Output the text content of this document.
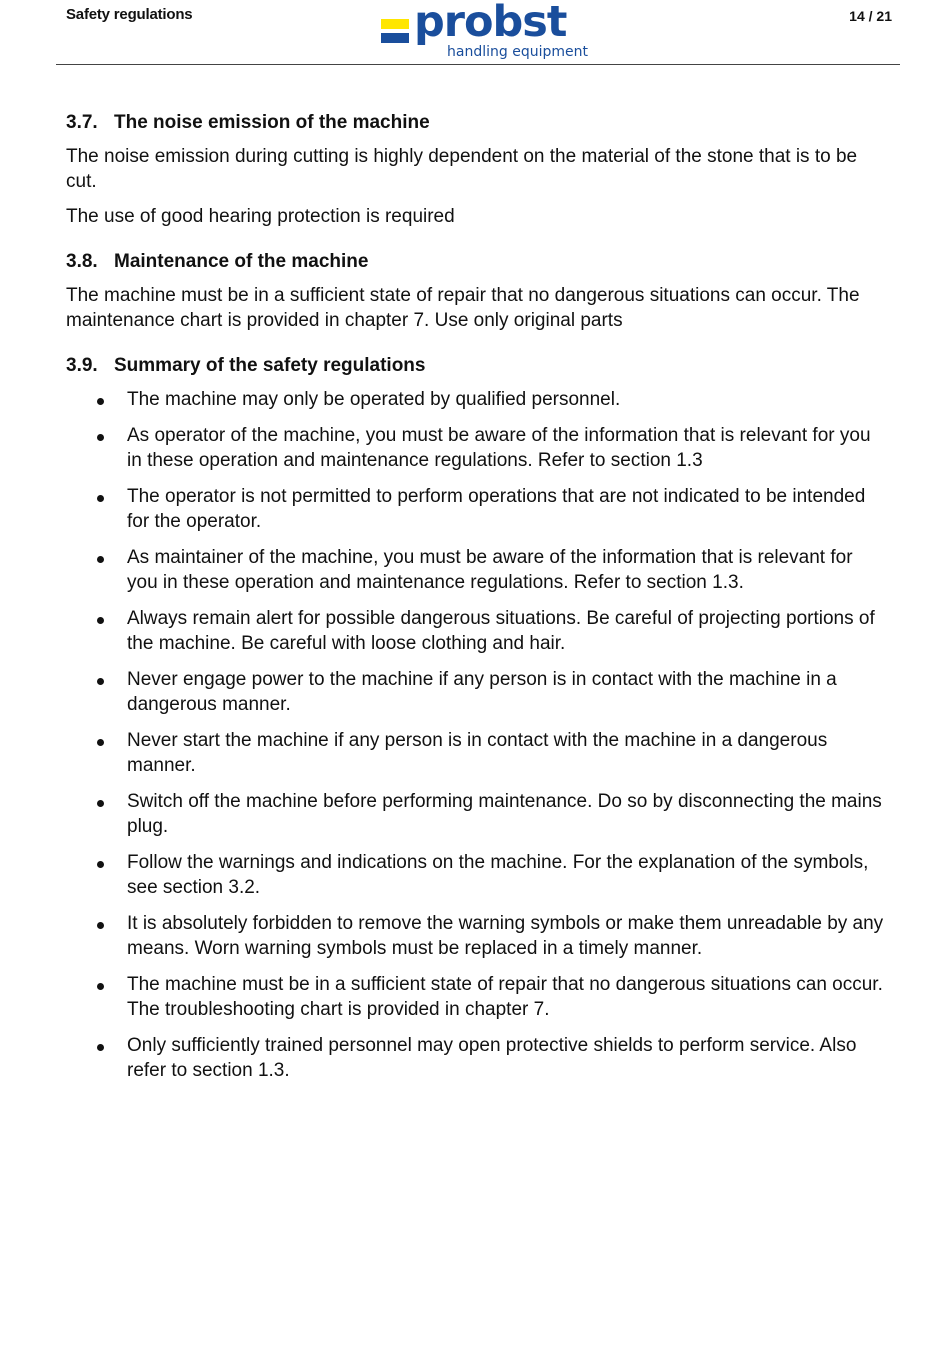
Safety regulations	probst
handling equipment
14 / 21
3.7. The noise emission of the machine

The noise emission during cutting is highly dependent on the material of the stone that is to be cut.

The use of good hearing protection is required

3.8. Maintenance of the machine

The machine must be in a sufficient state of repair that no dangerous situations can occur. The maintenance chart is provided in chapter 7. Use only original parts

3.9. Summary of the safety regulations
The machine may only be operated by qualified personnel.
As operator of the machine, you must be aware of the information that is relevant for you in these operation and maintenance regulations. Refer to section 1.3
The operator is not permitted to perform operations that are not indicated to be intended for the operator.
As maintainer of the machine, you must be aware of the information that is relevant for you in these operation and maintenance regulations. Refer to section 1.3.
Always remain alert for possible dangerous situations. Be careful of projecting portions of the machine. Be careful with loose clothing and hair.
Never engage power to the machine if any person is in contact with the machine in a dangerous manner.
Never start the machine if any person is in contact with the machine in a dangerous manner.
Switch off the machine before performing maintenance. Do so by disconnecting the mains plug.
Follow the warnings and indications on the machine. For the explanation of the symbols, see section 3.2.
It is absolutely forbidden to remove the warning symbols or make them unreadable by any means. Worn warning symbols must be replaced in a timely manner.
The machine must be in a sufficient state of repair that no dangerous situations can occur. The troubleshooting chart is provided in chapter 7.
Only sufficiently trained personnel may open protective shields to perform service. Also refer to section 1.3.
